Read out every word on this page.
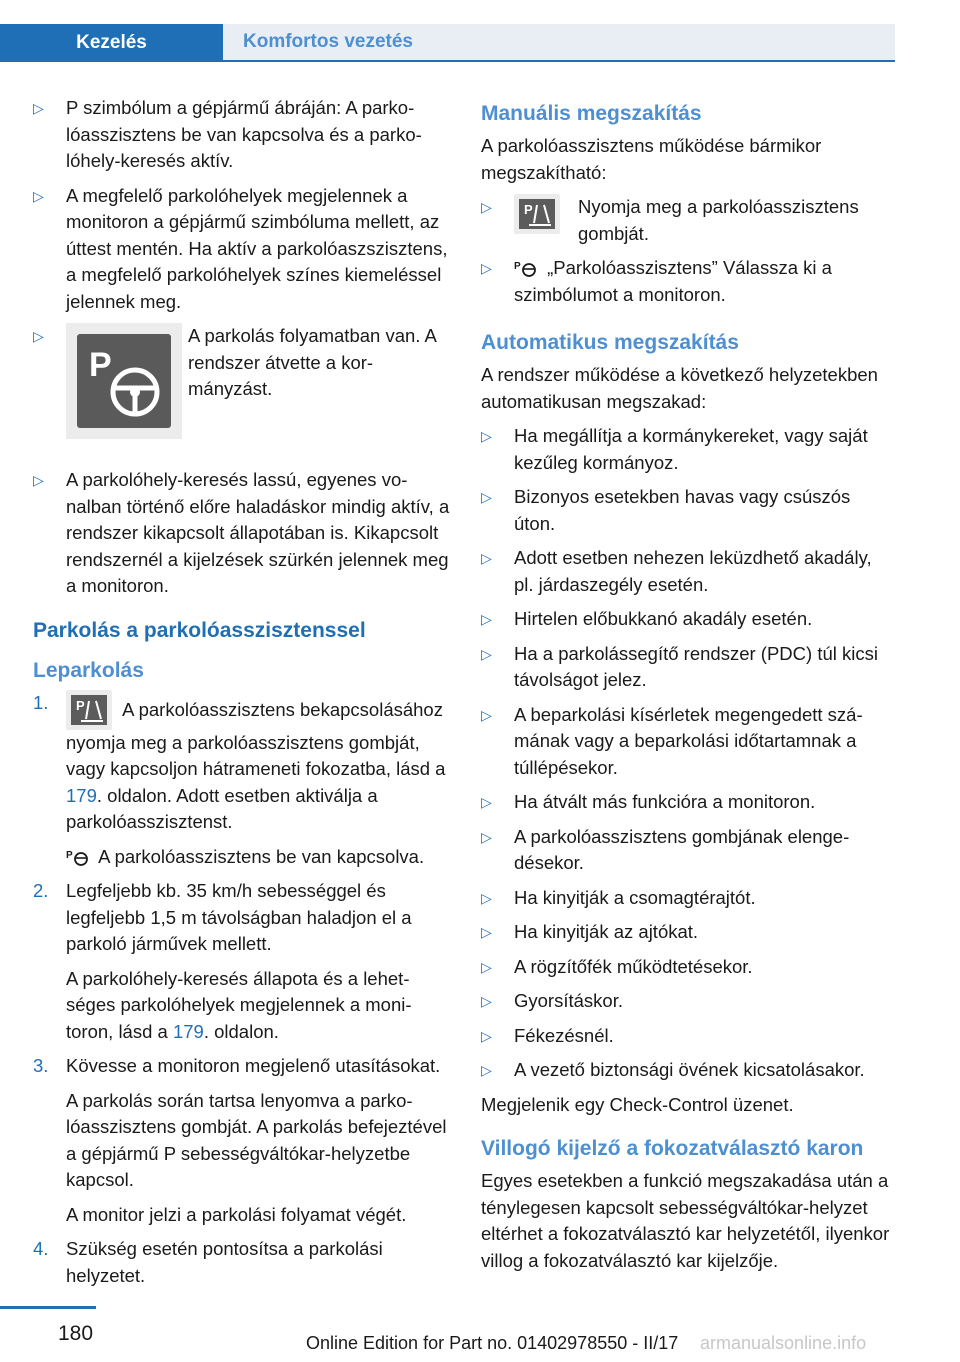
Kezelés	Komfortos vezetés
▷ P szimbólum a gépjármű ábráján: A parkolóasszisztens be van kapcsolva és a parkolóhely-keresés aktív.
▷ A megfelelő parkolóhelyek megjelennek a monitoron a gépjármű szimbóluma mellett, az úttest mentén. Ha aktív a parkolóaszszisztens, a megfelelő parkolóhelyek színes kiemeléssel jelennek meg.
▷
P
A parkolás folyamatban van. A rendszer átvette a kormányzást.
▷ A parkolóhely-keresés lassú, egyenes vonalban történő előre haladáskor mindig aktív, a rendszer kikapcsolt állapotában is. Kikapcsolt rendszernél a kijelzések szürkén jelennek meg a monitoron.
Parkolás a parkolóasszisztenssel
Leparkolás
1. P A parkolóasszisztens bekapcsolásához nyomja meg a parkolóasszisztens gombját, vagy kapcsoljon hátrameneti fokozatba, lásd a 179. oldalon. Adott esetben aktiválja a parkolóasszisztenst.
P A parkolóasszisztens be van kapcsolva.
2. Legfeljebb kb. 35 km/h sebességgel és legfeljebb 1,5 m távolságban haladjon el a parkoló járművek mellett.
A parkolóhely-keresés állapota és a lehetséges parkolóhelyek megjelennek a monitoron, lásd a 179. oldalon.
3. Kövesse a monitoron megjelenő utasításokat.
A parkolás során tartsa lenyomva a parkolóasszisztens gombját. A parkolás befejeztével a gépjármű P sebességváltókar-helyzetbe kapcsol.
A monitor jelzi a parkolási folyamat végét.
4. Szükség esetén pontosítsa a parkolási helyzetet.
Manuális megszakítás
A parkolóasszisztens működése bármikor megszakítható:
▷ P Nyomja meg a parkolóasszisztens gombját.
▷ P „Parkolóasszisztens” Válassza ki a szimbólumot a monitoron.
Automatikus megszakítás
A rendszer működése a következő helyzetekben automatikusan megszakad:
▷ Ha megállítja a kormánykereket, vagy saját kezűleg kormányoz.
▷ Bizonyos esetekben havas vagy csúszós úton.
▷ Adott esetben nehezen leküzdhető akadály, pl. járdaszegély esetén.
▷ Hirtelen előbukkanó akadály esetén.
▷ Ha a parkolássegítő rendszer (PDC) túl kicsi távolságot jelez.
▷ A beparkolási kísérletek megengedett számának vagy a beparkolási időtartamnak a túllépésekor.
▷ Ha átvált más funkcióra a monitoron.
▷ A parkolóasszisztens gombjának elengedésekor.
▷ Ha kinyitják a csomagtérajtót.
▷ Ha kinyitják az ajtókat.
▷ A rögzítőfék működtetésekor.
▷ Gyorsításkor.
▷ Fékezésnél.
▷ A vezető biztonsági övének kicsatolásakor.
Megjelenik egy Check-Control üzenet.
Villogó kijelző a fokozatválasztó karon
Egyes esetekben a funkció megszakadása után a ténylegesen kapcsolt sebességváltókar-helyzet eltérhet a fokozatválasztó kar helyzetétől, ilyenkor villog a fokozatválasztó kar kijelzője.
180	Online Edition for Part no. 01402978550 - II/17 armanualsonline.info
